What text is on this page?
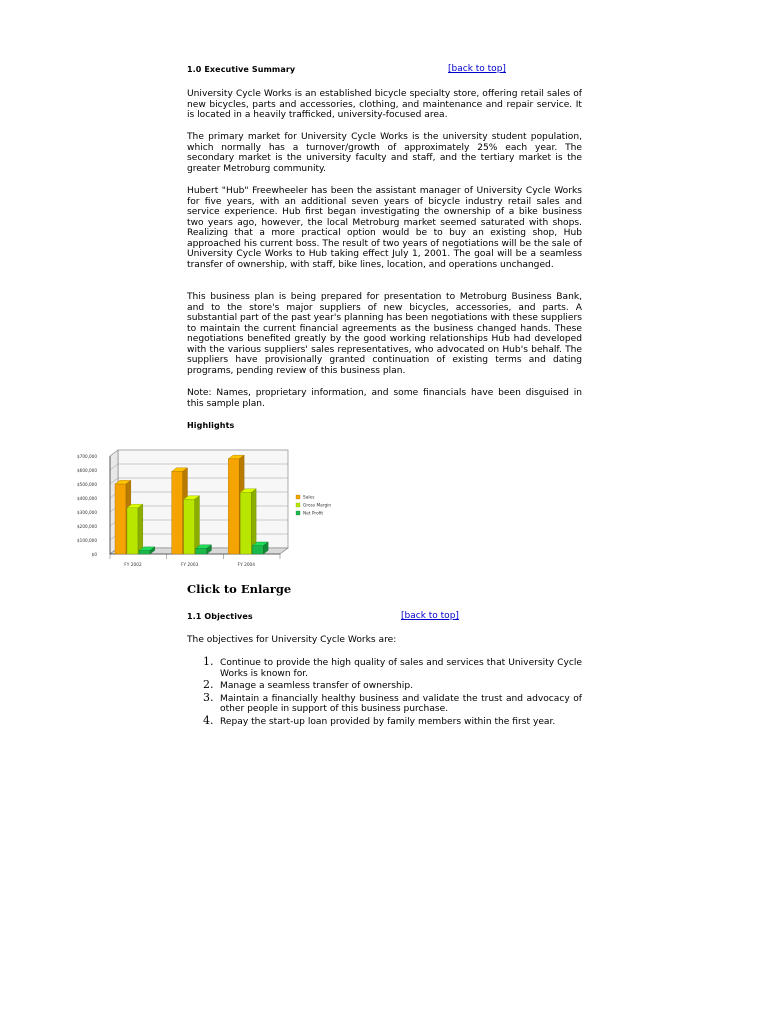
1.0 Executive Summary	[back to top]

University Cycle Works is an established bicycle specialty store, offering retail sales of new bicycles, parts and accessories, clothing, and maintenance and repair service. It is located in a heavily trafficked, university-focused area.

The primary market for University Cycle Works is the university student population, which normally has a turnover/growth of approximately 25% each year. The secondary market is the university faculty and staff, and the tertiary market is the greater Metroburg community.

Hubert "Hub" Freewheeler has been the assistant manager of University Cycle Works for five years, with an additional seven years of bicycle industry retail sales and service experience. Hub first began investigating the ownership of a bike business two years ago, however, the local Metroburg market seemed saturated with shops. Realizing that a more practical option would be to buy an existing shop, Hub approached his current boss. The result of two years of negotiations will be the sale of University Cycle Works to Hub taking effect July 1, 2001. The goal will be a seamless transfer of ownership, with staff, bike lines, location, and operations unchanged.

This business plan is being prepared for presentation to Metroburg Business Bank, and to the store's major suppliers of new bicycles, accessories, and parts. A substantial part of the past year's planning has been negotiations with these suppliers to maintain the current financial agreements as the business changed hands. These negotiations benefited greatly by the good working relationships Hub had developed with the various suppliers' sales representatives, who advocated on Hub's behalf. The suppliers have provisionally granted continuation of existing terms and dating programs, pending review of this business plan.

Note: Names, proprietary information, and some financials have been disguised in this sample plan.

Highlights
$0
$100,000
$200,000
$300,000
$400,000
$500,000
$600,000
$700,000
FY 2002	FY 2003	FY 2004
Sales
Gross Margin
Net Profit
Click to Enlarge
1.1 Objectives	[back to top]

The objectives for University Cycle Works are:

1. Continue to provide the high quality of sales and services that University Cycle Works is known for.
2. Manage a seamless transfer of ownership.
3. Maintain a financially healthy business and validate the trust and advocacy of other people in support of this business purchase.
4. Repay the start-up loan provided by family members within the first year.
